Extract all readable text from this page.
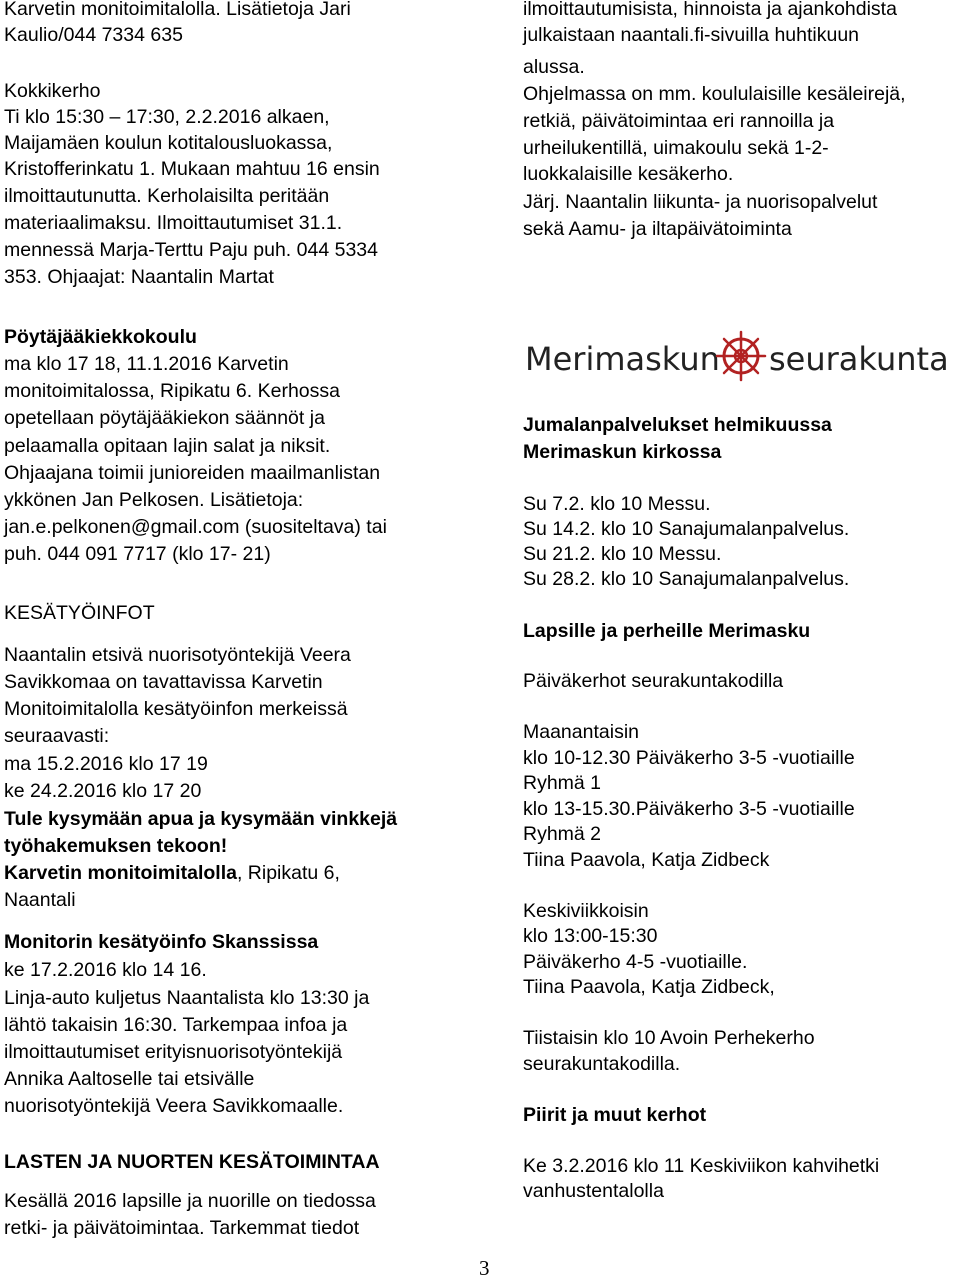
Karvetin monitoimitalolla. Lisätietoja Jari
Kaulio/044 7334 635
Kokkikerho
Ti klo 15:30 – 17:30, 2.2.2016 alkaen,
Maijamäen koulun kotitalousluokassa,
Kristofferinkatu 1. Mukaan mahtuu 16 ensin
ilmoittautunutta. Kerholaisilta peritään
materiaalimaksu. Ilmoittautumiset 31.1.
mennessä Marja-Terttu Paju puh. 044 5334
353. Ohjaajat: Naantalin Martat
Pöytäjääkiekkokoulu
ma klo 17 18, 11.1.2016 Karvetin
monitoimitalossa, Ripikatu 6. Kerhossa
opetellaan pöytäjääkiekon säännöt ja
pelaamalla opitaan lajin salat ja niksit.
Ohjaajana toimii junioreiden maailmanlistan
ykkönen Jan Pelkosen. Lisätietoja:
jan.e.pelkonen@gmail.com (suositeltava) tai
puh. 044 091 7717 (klo 17- 21)
KESÄTYÖINFOT
Naantalin etsivä nuorisotyöntekijä Veera
Savikkomaa on tavattavissa Karvetin
Monitoimitalolla kesätyöinfon merkeissä
seuraavasti:
ma 15.2.2016 klo 17 19
ke 24.2.2016 klo 17 20
Tule kysymään apua ja kysymään vinkkejä
työhakemuksen tekoon!
Karvetin monitoimitalolla, Ripikatu 6,
Naantali
Monitorin kesätyöinfo Skanssissa
ke 17.2.2016 klo 14 16.
Linja-auto kuljetus Naantalista klo 13:30 ja
lähtö takaisin 16:30. Tarkempaa infoa ja
ilmoittautumiset erityisnuorisotyöntekijä
Annika Aaltoselle tai etsivälle
nuorisotyöntekijä Veera Savikkomaalle.
LASTEN JA NUORTEN KESÄTOIMINTAA
Kesällä 2016 lapsille ja nuorille on tiedossa
retki- ja päivätoimintaa. Tarkemmat tiedot
ilmoittautumisista, hinnoista ja ajankohdista
julkaistaan naantali.fi-sivuilla huhtikuun
alussa.
Ohjelmassa on mm. koululaisille kesäleirejä,
retkiä, päivätoimintaa eri rannoilla ja
urheilukentillä, uimakoulu sekä 1-2-
luokkalaisille kesäkerho.
Järj. Naantalin liikunta- ja nuorisopalvelut
sekä Aamu- ja iltapäivätoiminta
Merimaskun seurakunta
Jumalanpalvelukset helmikuussa
Merimaskun kirkossa
Su 7.2. klo 10 Messu.
Su 14.2. klo 10 Sanajumalanpalvelus.
Su 21.2. klo 10 Messu.
Su 28.2. klo 10 Sanajumalanpalvelus.
Lapsille ja perheille Merimasku
Päiväkerhot seurakuntakodilla
Maanantaisin
klo 10-12.30 Päiväkerho 3-5 -vuotiaille
Ryhmä 1
klo 13-15.30.Päiväkerho 3-5 -vuotiaille
Ryhmä 2
Tiina Paavola, Katja Zidbeck
Keskiviikkoisin
klo 13:00-15:30
Päiväkerho 4-5 -vuotiaille.
Tiina Paavola, Katja Zidbeck,
Tiistaisin klo 10 Avoin Perhekerho
seurakuntakodilla.
Piirit ja muut kerhot
Ke 3.2.2016 klo 11 Keskiviikon kahvihetki
vanhustentalolla
3
